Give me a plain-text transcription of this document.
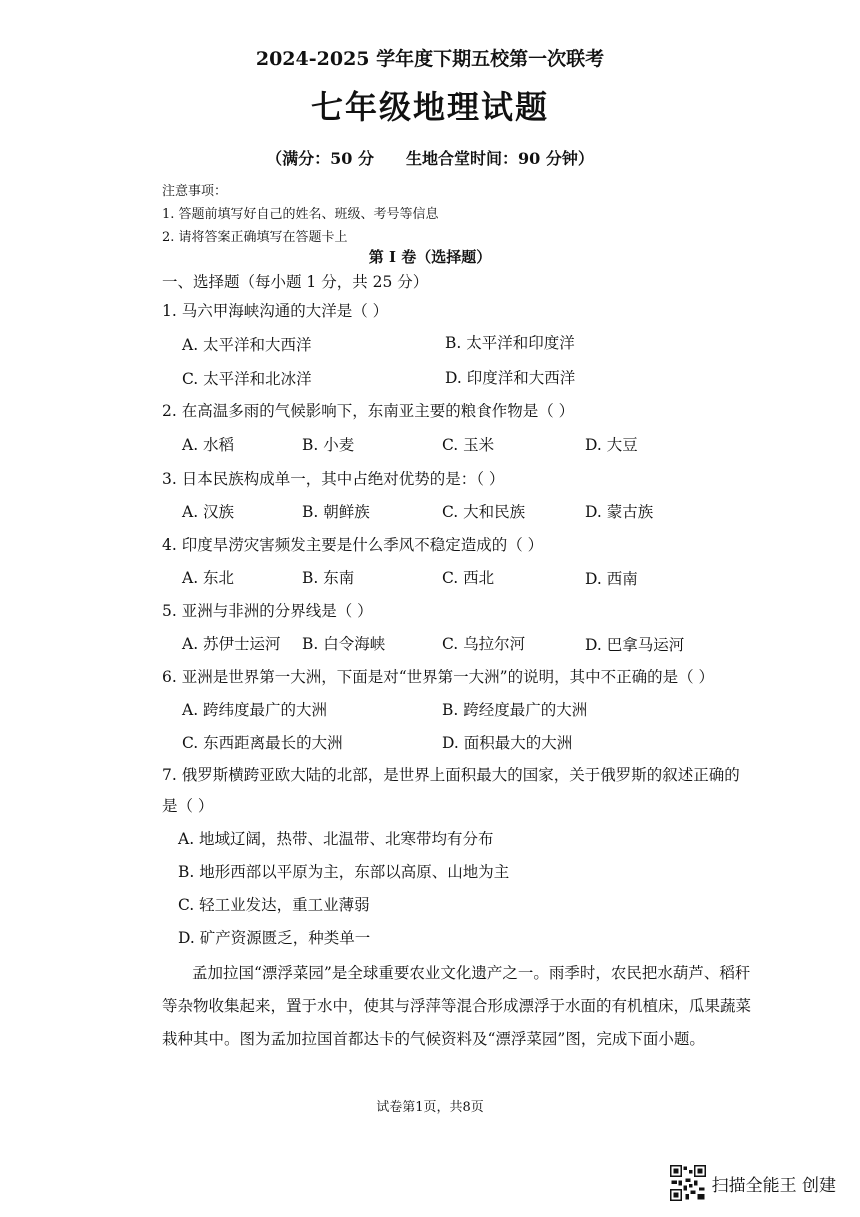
2024-2025 学年度下期五校第一次联考
七年级地理试题
（满分：50 分　　生地合堂时间：90 分钟）
注意事项：
1. 答题前填写好自己的姓名、班级、考号等信息
2. 请将答案正确填写在答题卡上
第 I 卷（选择题）
一、选择题（每小题 1 分，共 25 分）
1. 马六甲海峡沟通的大洋是（ ）
A. 太平洋和大西洋	B. 太平洋和印度洋
C. 太平洋和北冰洋	D. 印度洋和大西洋
2. 在高温多雨的气候影响下，东南亚主要的粮食作物是（ ）
A. 水稻	B. 小麦	C. 玉米	D. 大豆
3. 日本民族构成单一，其中占绝对优势的是：（ ）
A. 汉族	B. 朝鲜族	C. 大和民族	D. 蒙古族
4. 印度旱涝灾害频发主要是什么季风不稳定造成的（ ）
A. 东北	B. 东南	C. 西北	D. 西南
5. 亚洲与非洲的分界线是（ ）
A. 苏伊士运河 B. 白令海峡	C. 乌拉尔河	D. 巴拿马运河
6. 亚洲是世界第一大洲，下面是对“世界第一大洲”的说明，其中不正确的是（ ）
A. 跨纬度最广的大洲	B. 跨经度最广的大洲
C. 东西距离最长的大洲	D. 面积最大的大洲
7. 俄罗斯横跨亚欧大陆的北部，是世界上面积最大的国家，关于俄罗斯的叙述正确的
是（ ）
A. 地域辽阔，热带、北温带、北寒带均有分布
B. 地形西部以平原为主，东部以高原、山地为主
C. 轻工业发达，重工业薄弱
D. 矿产资源匮乏，种类单一
孟加拉国“漂浮菜园”是全球重要农业文化遗产之一。雨季时，农民把水葫芦、稻秆等杂物收集起来，置于水中，使其与浮萍等混合形成漂浮于水面的有机植床，瓜果蔬菜栽种其中。图为孟加拉国首都达卡的气候资料及“漂浮菜园”图，完成下面小题。
试卷第1页，共8页
扫描全能王 创建
